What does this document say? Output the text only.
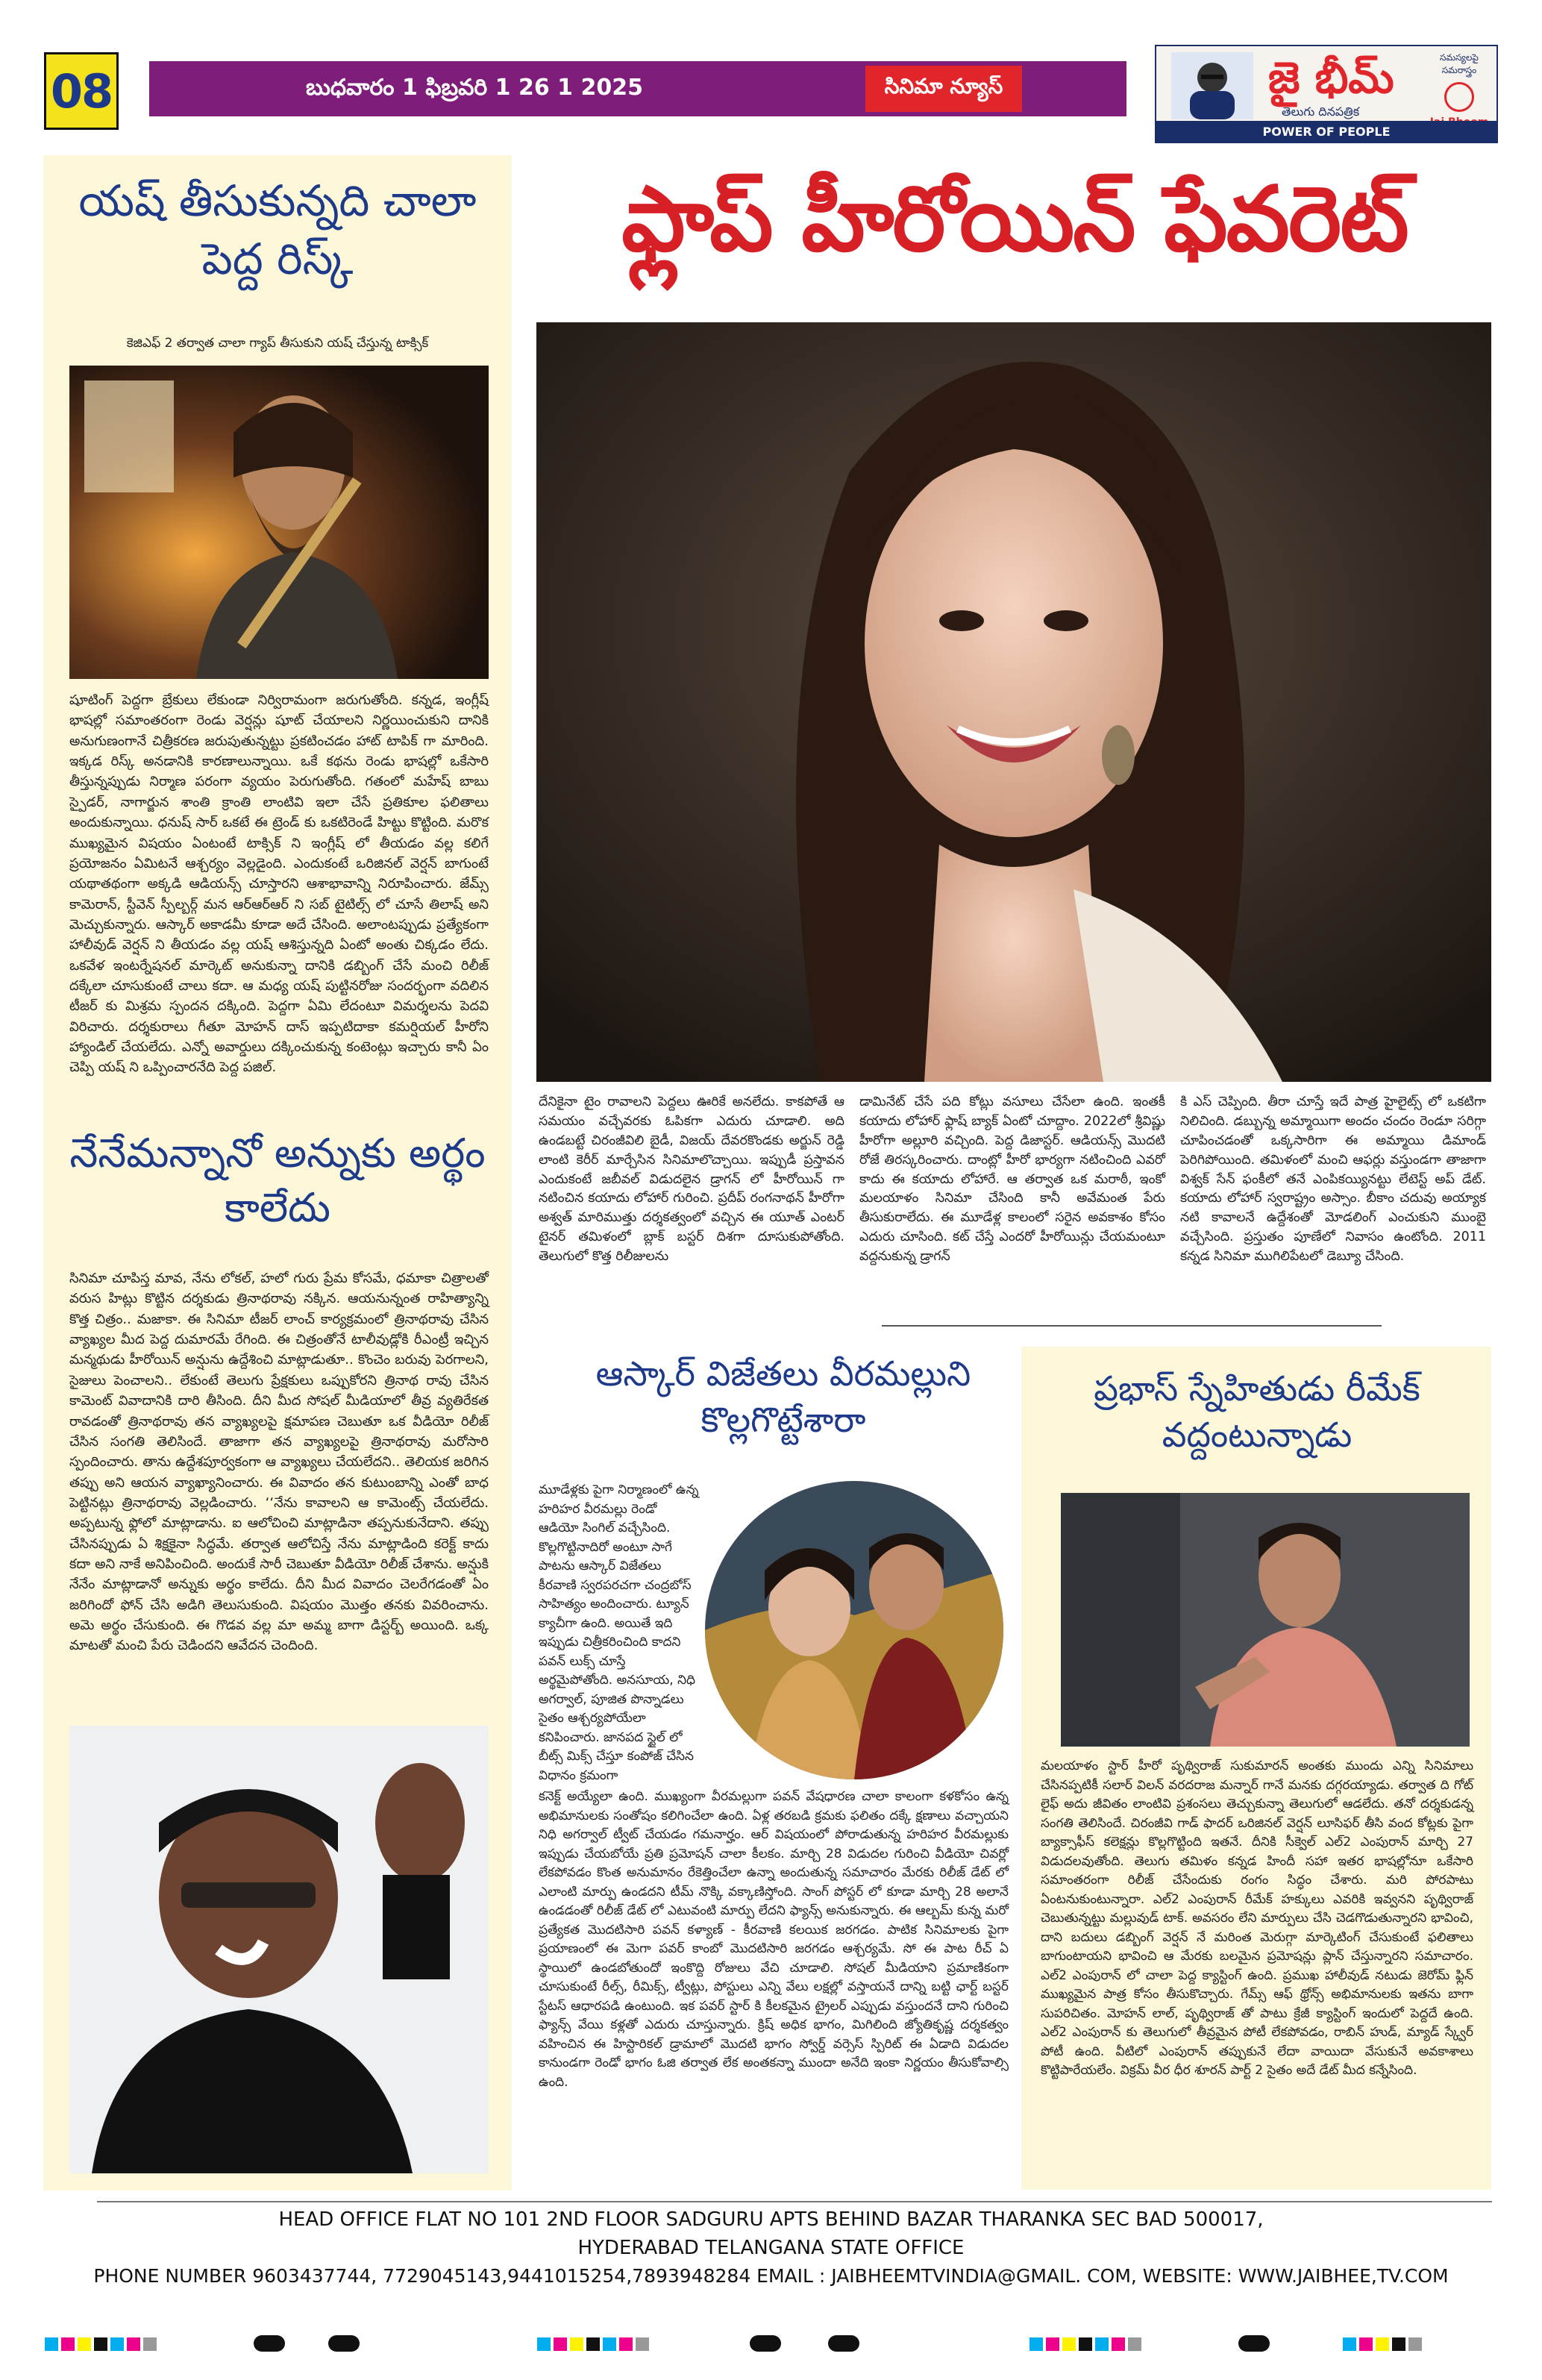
08	బుధవారం 1 ఫిబ్రవరి 1 26 1 2025	సినిమా న్యూస్	జై భీమ్
తెలుగు దినపత్రిక
సమస్యలపై సమరాస్త్రం
POWER OF PEOPLE
యష్ తీసుకున్నది చాలా పెద్ద రిస్క్
కెజిఎఫ్ 2 తర్వాత చాలా గ్యాప్ తీసుకుని యష్ చేస్తున్న టాక్సిక్
షూటింగ్ పెద్దగా బ్రేకులు లేకుండా నిర్విరామంగా జరుగుతోంది. కన్నడ, ఇంగ్లీష్ భాషల్లో సమాంతరంగా రెండు వెర్షన్లు షూట్ చేయాలని నిర్ణయించుకుని దానికి అనుగుణంగానే చిత్రీకరణ జరుపుతున్నట్టు ప్రకటించడం హాట్ టాపిక్ గా మారింది. ఇక్కడ రిస్క్ అనడానికి కారణాలున్నాయి. ఒకే కథను రెండు భాషల్లో ఒకేసారి తీస్తున్నప్పుడు నిర్మాణ పరంగా వ్యయం పెరుగుతోంది. గతంలో మహేష్ బాబు స్పైడర్, నాగార్జున శాంతి క్రాంతి లాంటివి ఇలా చేసే ప్రతికూల ఫలితాలు అందుకున్నాయి. ధనుష్ సార్ ఒకటే ఈ ట్రెండ్ కు ఒకటిరెండే హిట్టు కొట్టింది. మరొక ముఖ్యమైన విషయం ఏంటంటే టాక్సిక్ ని ఇంగ్లీష్ లో తీయడం వల్ల కలిగే ప్రయోజనం ఏమిటనే ఆశ్చర్యం వెల్లడైంది. ఎందుకంటే ఒరిజినల్ వెర్షన్ బాగుంటే యథాతథంగా అక్కడి ఆడియన్స్ చూస్తారని ఆశాభావాన్ని నిరూపించారు. జేమ్స్ కామెరాన్, స్టీవెన్ స్పీల్బర్గ్ మన ఆర్ఆర్ఆర్ ని సబ్ టైటిల్స్ లో చూసే తిలాష్ అని మెచ్చుకున్నారు. ఆస్కార్ అకాడమీ కూడా అదే చేసింది. అలాంటప్పుడు ప్రత్యేకంగా హాలీవుడ్ వెర్షన్ ని తీయడం వల్ల యష్ ఆశిస్తున్నది ఏంటో అంతు చిక్కడం లేదు. ఒకవేళ ఇంటర్నేషనల్ మార్కెట్ అనుకున్నా దానికి డబ్బింగ్ చేసే మంచి రిలీజ్ దక్కేలా చూసుకుంటే చాలు కదా. ఆ మధ్య యష్ పుట్టినరోజు సందర్భంగా వదిలిన టీజర్ కు మిశ్రమ స్పందన దక్కింది. పెద్దగా ఏమి లేదంటూ విమర్శలను పెదవి విరిచారు. దర్శకురాలు గీతూ మోహన్ దాస్ ఇప్పటిదాకా కమర్షియల్ హీరోని హ్యాండిల్ చేయలేదు. ఎన్నో అవార్డులు దక్కించుకున్న కంటెంట్లు ఇచ్చారు కానీ ఏం చెప్పి యష్ ని ఒప్పించారనేది పెద్ద పజిల్.
నేనేమన్నానో అన్నుకు అర్థం కాలేదు
సినిమా చూపిస్త మావ, నేను లోకల్, హలో గురు ప్రేమ కోసమే, ధమాకా చిత్రాలతో వరుస హిట్లు కొట్టిన దర్శకుడు త్రినాథరావు నక్కిన. ఆయనున్నంత రాహిత్యాన్ని కొత్త చిత్రం.. మజాకా. ఈ సినిమా టీజర్ లాంచ్ కార్యక్రమంలో త్రినాథరావు చేసిన వ్యాఖ్యల మీద పెద్ద దుమారమే రేగింది. ఈ చిత్రంతోనే టాలీవుడ్లోకి రీఎంట్రీ ఇచ్చిన మన్మథుడు హీరోయిన్ అన్షును ఉద్దేశించి మాట్లాడుతూ.. కొంచెం బరువు పెరగాలని, సైజులు పెంచాలని.. లేకుంటే తెలుగు ప్రేక్షకులు ఒప్పుకోరని త్రినాథ రావు చేసిన కామెంట్ వివాదానికి దారి తీసింది. దీని మీద సోషల్ మీడియాలో తీవ్ర వ్యతిరేకత రావడంతో త్రినాథరావు తన వ్యాఖ్యలపై క్షమాపణ చెబుతూ ఒక వీడియో రిలీజ్ చేసిన సంగతి తెలిసిందే. తాజాగా తన వ్యాఖ్యలపై త్రినాథరావు మరోసారి స్పందించారు. తాను ఉద్దేశపూర్వకంగా ఆ వ్యాఖ్యలు చేయలేదని.. తెలియక జరిగిన తప్పు అని ఆయన వ్యాఖ్యానించారు. ఈ వివాదం తన కుటుంబాన్ని ఎంతో బాధ పెట్టినట్లు త్రినాథరావు వెల్లడించారు. ‘‘నేను కావాలని ఆ కామెంట్స్ చేయలేదు. అప్పటున్న ఫ్లోలో మాట్లాడాను. ఐ ఆలోచించి మాట్లాడినా తప్పనుకునేదాని. తప్పు చేసినప్పుడు ఏ శిక్షకైనా సిద్ధమే. తర్వాత ఆలోచిస్తే నేను మాట్లాడింది కరెక్ట్ కాదు కదా అని నాకే అనిపించింది. అందుకే సారీ చెబుతూ వీడియో రిలీజ్ చేశాను. అన్షుకి నేనేం మాట్లాడానో అన్నుకు అర్థం కాలేదు. దీని మీద వివాదం చెలరేగడంతో ఏం జరిగిందో ఫోన్ చేసి అడిగి తెలుసుకుంది. విషయం మొత్తం తనకు వివరించాను. అమె అర్థం చేసుకుంది. ఈ గొడవ వల్ల మా అమ్మ బాగా డిస్టర్బ్ అయింది. ఒక్క మాటతో మంచి పేరు చెడిందని ఆవేదన చెందింది.
ఫ్లాప్ హీరోయిన్ ఫేవరెట్
దేనికైనా టైం రావాలని పెద్దలు ఊరికే అనలేదు. కాకపోతే ఆ సమయం వచ్చేవరకు ఓపికగా ఎదురు చూడాలి. అది ఉండబట్టే చిరంజీవిలి బైడీ, విజయ్ దేవరకొండకు అర్జున్ రెడ్డి లాంటి కెరీర్ మార్చేసిన సినిమాలొచ్చాయి. ఇప్పుడీ ప్రస్తావన ఎందుకంటే జబీవల్ విడుదలైన డ్రాగన్ లో హీరోయిన్ గా నటించిన కయాదు లోహార్ గురించి. ప్రదీప్ రంగనాథన్ హీరోగా అశ్వత్ మారిముత్తు దర్శకత్వంలో వచ్చిన ఈ యూత్ ఎంటర్ టైనర్ తమిళంలో బ్లాక్ బస్టర్ దిశగా దూసుకుపోతోంది. తెలుగులో కొత్త రిలీజులను
డామినేట్ చేసే పది కోట్లు వసూలు చేసేలా ఉంది. ఇంతకీ కయాదు లోహార్ ఫ్లాష్ బ్యాక్ ఏంటో చూద్దాం. 2022లో శ్రీవిష్ణు హీరోగా అల్లూరి వచ్చింది. పెద్ద డిజాస్టర్. ఆడియన్స్ మొదటి రోజే తిరస్కరించారు. దాంట్లో హీరో భార్యగా నటించింది ఎవరో కాదు ఈ కయాదు లోహారే. ఆ తర్వాత ఒక మరాఠీ, ఇంకో మలయాళం సినిమా చేసింది కానీ అవేమంత పేరు తీసుకురాలేదు. ఈ మూడేళ్ల కాలంలో సరైన అవకాశం కోసం ఎదురు చూసింది. కట్ చేస్తే ఎందరో హీరోయిన్లు చేయమంటూ వద్దనుకున్న డ్రాగన్
కి ఎస్ చెప్పింది. తీరా చూస్తే ఇదే పాత్ర హైలైట్స్ లో ఒకటిగా నిలిచింది. డబ్బున్న అమ్మాయిగా అందం చందం రెండూ సరిగ్గా చూపించడంతో ఒక్కసారిగా ఈ అమ్మాయి డిమాండ్ పెరిగిపోయింది. తమిళంలో మంచి ఆఫర్లు వస్తుండగా తాజాగా విశ్వక్ సేన్ ఫంకీలో తనే ఎంపికయ్యినట్టు లేటెస్ట్ అప్ డేట్. కయాదు లోహార్ స్వరాష్ట్రం అస్సాం. బీకాం చదువు అయ్యాక నటి కావాలనే ఉద్దేశంతో మోడలింగ్ ఎంచుకుని ముంబై వచ్చేసింది. ప్రస్తుతం పూణేలో నివాసం ఉంటోంది. 2011 కన్నడ సినిమా ముగిలిపేటలో డెబ్యూ చేసింది.
ఆస్కార్ విజేతలు వీరమల్లుని కొల్లగొట్టేశారా
మూడేళ్లకు పైగా నిర్మాణంలో ఉన్న హరిహర వీరమల్లు రెండో ఆడియో సింగిల్ వచ్చేసింది. కొల్లగొట్టినాదిరో అంటూ సాగే పాటను ఆస్కార్ విజేతలు కీరవాణి స్వరపరచగా చంద్రబోస్ సాహిత్యం అందించారు. ట్యూన్ క్యాచీగా ఉంది. అయితే ఇది ఇప్పుడు చిత్రీకరించింది కాదని పవన్ లుక్స్ చూస్తే అర్థమైపోతోంది. అనసూయ, నిధి అగర్వాల్, పూజిత పొన్నాడలు సైతం ఆశ్చర్యపోయేలా కనిపించారు. జానపద స్టైల్ లో బీట్స్ మిక్స్ చేస్తూ కంపోజ్ చేసిన విధానం క్రమంగా
కనెక్ట్ అయ్యేలా ఉంది. ముఖ్యంగా వీరమల్లుగా పవన్ వేషధారణ చాలా కాలంగా కళకోసం ఉన్న అభిమానులకు సంతోషం కలిగించేలా ఉంది. ఏళ్ల తరబడి క్రమకు ఫలితం దక్కే క్షణాలు వచ్చాయని నిధి అగర్వాల్ ట్వీట్ చేయడం గమనార్హం. ఆర్ విషయంలో పోరాడుతున్న హరిహర వీరమల్లుకు ఇప్పుడు చేయబోయే ప్రతి ప్రమోషన్ చాలా కీలకం. మార్చి 28 విడుదల గురించి వీడియో చివర్లో లేకపోవడం కొంత అనుమానం రేకెత్తించేలా ఉన్నా అందుతున్న సమాచారం మేరకు రిలీజ్ డేట్ లో ఎలాంటి మార్పు ఉండదని టీమ్ నొక్కి వక్కాణిస్తోంది. సాంగ్ పోస్టర్ లో కూడా మార్చి 28 అలానే ఉండడంతో రిలీజ్ డేట్ లో ఎటువంటి మార్పు లేదని ఫ్యాన్స్ అనుకున్నారు. ఈ ఆల్బమ్ కున్న మరో ప్రత్యేకత మొదటిసారి పవన్ కళ్యాణ్ - కీరవాణి కలయిక జరగడం. పాటిక సినిమాలకు పైగా ప్రయాణంలో ఈ మెగా పవర్ కాంబో మొదటిసారి జరగడం ఆశ్చర్యమే. సో ఈ పాట రీచ్ ఏ స్థాయిలో ఉండబోతుందో ఇంకొద్ది రోజులు వేచి చూడాలి. సోషల్ మీడియాని ప్రమాణికంగా చూసుకుంటే రీల్స్, రీమిక్స్, ట్వీట్లు, పోస్టులు ఎన్ని వేలు లక్షల్లో వస్తాయనే దాన్ని బట్టి ఛార్ట్ బస్టర్ స్టేటస్ ఆధారపడి ఉంటుంది. ఇక పవర్ స్టార్ కి కీలకమైన ట్రైలర్ ఎప్పుడు వస్తుందనే దాని గురించి ఫ్యాన్స్ వేయి కళ్లతో ఎదురు చూస్తున్నారు. క్రిష్ అధిక భాగం, మిగిలింది జ్యోతికృష్ణ దర్శకత్వం వహించిన ఈ హిస్టారికల్ డ్రామాలో మొదటి భాగం స్వోర్డ్ వర్సెస్ స్పిరిట్ ఈ ఏడాది విడుదల కానుండగా రెండో భాగం ఓజి తర్వాత లేక అంతకన్నా ముందా అనేది ఇంకా నిర్ణయం తీసుకోవాల్సి ఉంది.
ప్రభాస్ స్నేహితుడు రీమేక్ వద్దంటున్నాడు
మలయాళం స్టార్ హీరో పృథ్విరాజ్ సుకుమారన్ అంతకు ముందు ఎన్ని సినిమాలు చేసినప్పటికీ సలార్ విలన్ వరదరాజ మన్నార్ గానే మనకు దగ్గరయ్యాడు. తర్వాత ది గోట్ లైఫ్ అదు జీవితం లాంటివి ప్రశంసలు తెచ్చుకున్నా తెలుగులో ఆడలేదు. తనో దర్శకుడన్న సంగతి తెలిసిందే. చిరంజీవి గాడ్ ఫాదర్ ఒరిజినల్ వెర్షన్ లూసిఫర్ తీసి వంద కోట్లకు పైగా బ్యాక్సాఫీస్ కలెక్షన్లు కొల్లగొట్టింది ఇతనే. దీనికి సీక్వెల్ ఎల్2 ఎంపురాన్ మార్చి 27 విడుదలవుతోంది. తెలుగు తమిళం కన్నడ హిందీ సహా ఇతర భాషల్లోనూ ఒకేసారి సమాంతరంగా రిలీజ్ చేసేందుకు రంగం సిద్ధం చేశారు. మరి పోరపాటు ఏంటనుకుంటున్నారా. ఎల్2 ఎంపురాన్ రీమేక్ హక్కులు ఎవరికి ఇవ్వనని పృథ్విరాజ్ చెబుతున్నట్టు మల్లువుడ్ టాక్. అవసరం లేని మార్పులు చేసి చెడగొడుతున్నారని భావించి, దాని బదులు డబ్బింగ్ వెర్షన్ నే మరింత మెరుగ్గా మార్కెటింగ్ చేసుకుంటే ఫలితాలు బాగుంటాయని భావించి ఆ మేరకు బలమైన ప్రమోషన్లు ప్లాన్ చేస్తున్నారని సమాచారం. ఎల్2 ఎంపురాన్ లో చాలా పెద్ద క్యాస్టింగ్ ఉంది. ప్రముఖ హాలీవుడ్ నటుడు జెరోమ్ ఫ్లిన్ ముఖ్యమైన పాత్ర కోసం తీసుకొచ్చారు. గేమ్స్ ఆఫ్ థ్రోన్స్ అభిమానులకు ఇతను బాగా సుపరిచితం. మోహన్ లాల్, పృథ్విరాజ్ తో పాటు క్రేజీ క్యాస్టింగ్ ఇందులో పెద్దదే ఉంది. ఎల్2 ఎంపురాన్ కు తెలుగులో తీవ్రమైన పోటీ లేకపోవడం, రాబిన్ హుడ్, మ్యాడ్ స్క్వేర్ పోటీ ఉంది. వీటిలో ఎంపురాన్ తప్పుకునే లేదా వాయిదా వేసుకునే అవకాశాలు కొట్టిపారేయలేం. విక్రమ్ వీర ధీర శూరన్ పార్ట్ 2 సైతం అదే డేట్ మీద కన్నేసింది.
HEAD OFFICE FLAT NO 101 2ND FLOOR SADGURU APTS BEHIND BAZAR THARANKA SEC BAD 500017,
HYDERABAD TELANGANA STATE OFFICE
PHONE NUMBER 9603437744, 7729045143,9441015254,7893948284 EMAIL : JAIBHEEMTVINDIA@GMAIL. COM, WEBSITE: WWW.JAIBHEE,TV.COM
